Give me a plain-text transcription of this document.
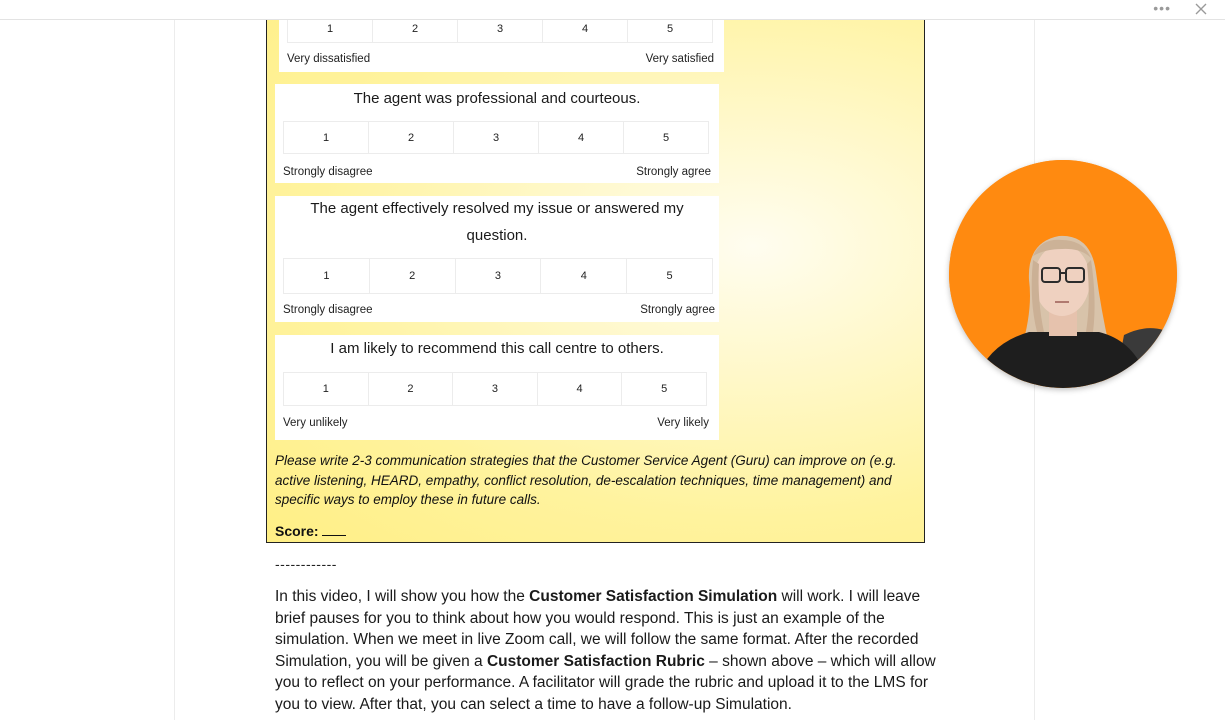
•••
1	2	3	4	5
Very dissatisfied	Very satisfied
The agent was professional and courteous.
1	2	3	4	5
Strongly disagree	Strongly agree
The agent effectively resolved my issue or answered my
question.
1	2	3	4	5
Strongly disagree	Strongly agree
I am likely to recommend this call centre to others.
1	2	3	4	5
Very unlikely	Very likely
Please write 2-3 communication strategies that the Customer Service Agent (Guru) can improve on (e.g. active listening, HEARD, empathy, conflict resolution, de-escalation techniques, time management) and specific ways to employ these in future calls.
Score:
------------

In this video, I will show you how the Customer Satisfaction Simulation will work. I will leave brief pauses for you to think about how you would respond. This is just an example of the simulation. When we meet in live Zoom call, we will follow the same format. After the recorded Simulation, you will be given a Customer Satisfaction Rubric – shown above – which will allow you to reflect on your performance. A facilitator will grade the rubric and upload it to the LMS for you to view. After that, you can select a time to have a follow-up Simulation.
